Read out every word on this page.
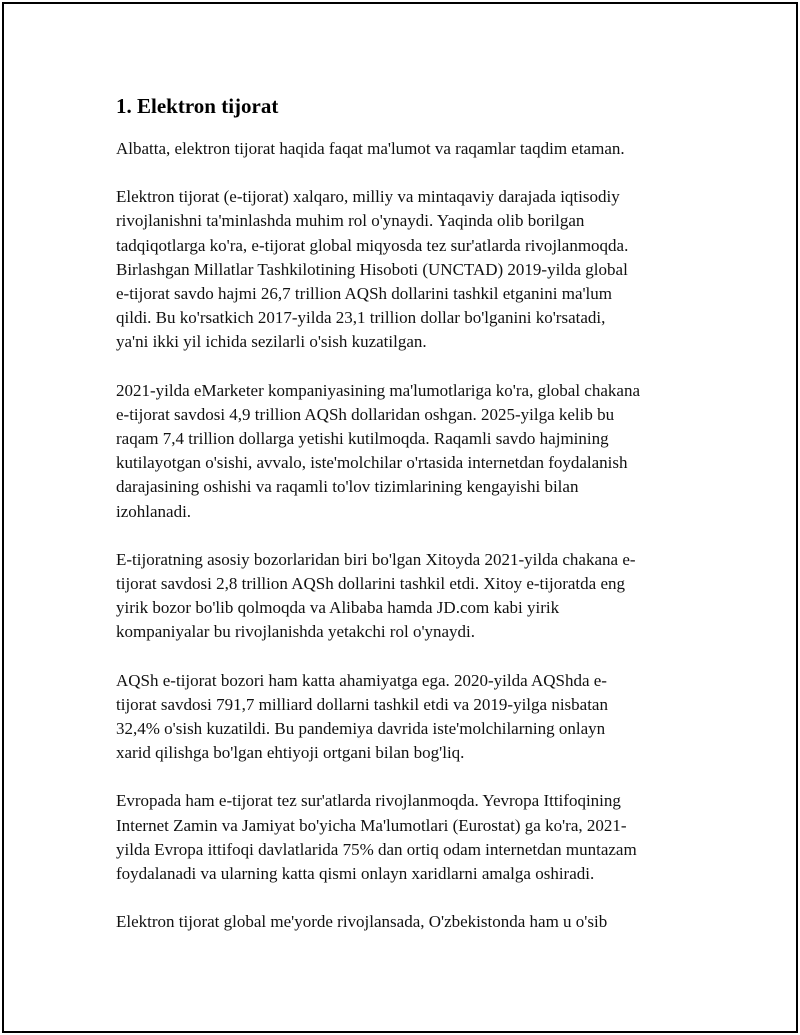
1. Elektron tijorat

Albatta, elektron tijorat haqida faqat ma'lumot va raqamlar taqdim etaman.

Elektron tijorat (e-tijorat) xalqaro, milliy va mintaqaviy darajada iqtisodiy
rivojlanishni ta'minlashda muhim rol o'ynaydi. Yaqinda olib borilgan
tadqiqotlarga ko'ra, e-tijorat global miqyosda tez sur'atlarda rivojlanmoqda.
Birlashgan Millatlar Tashkilotining Hisoboti (UNCTAD) 2019-yilda global
e-tijorat savdo hajmi 26,7 trillion AQSh dollarini tashkil etganini ma'lum
qildi. Bu ko'rsatkich 2017-yilda 23,1 trillion dollar bo'lganini ko'rsatadi,
ya'ni ikki yil ichida sezilarli o'sish kuzatilgan.

2021-yilda eMarketer kompaniyasining ma'lumotlariga ko'ra, global chakana
e-tijorat savdosi 4,9 trillion AQSh dollaridan oshgan. 2025-yilga kelib bu
raqam 7,4 trillion dollarga yetishi kutilmoqda. Raqamli savdo hajmining
kutilayotgan o'sishi, avvalo, iste'molchilar o'rtasida internetdan foydalanish
darajasining oshishi va raqamli to'lov tizimlarining kengayishi bilan
izohlanadi.

E-tijoratning asosiy bozorlaridan biri bo'lgan Xitoyda 2021-yilda chakana e-
tijorat savdosi 2,8 trillion AQSh dollarini tashkil etdi. Xitoy e-tijoratda eng
yirik bozor bo'lib qolmoqda va Alibaba hamda JD.com kabi yirik
kompaniyalar bu rivojlanishda yetakchi rol o'ynaydi.

AQSh e-tijorat bozori ham katta ahamiyatga ega. 2020-yilda AQShda e-
tijorat savdosi 791,7 milliard dollarni tashkil etdi va 2019-yilga nisbatan
32,4% o'sish kuzatildi. Bu pandemiya davrida iste'molchilarning onlayn
xarid qilishga bo'lgan ehtiyoji ortgani bilan bog'liq.

Evropada ham e-tijorat tez sur'atlarda rivojlanmoqda. Yevropa Ittifoqining
Internet Zamin va Jamiyat bo'yicha Ma'lumotlari (Eurostat) ga ko'ra, 2021-
yilda Evropa ittifoqi davlatlarida 75% dan ortiq odam internetdan muntazam
foydalanadi va ularning katta qismi onlayn xaridlarni amalga oshiradi.

Elektron tijorat global me'yorde rivojlansada, O'zbekistonda ham u o'sib
